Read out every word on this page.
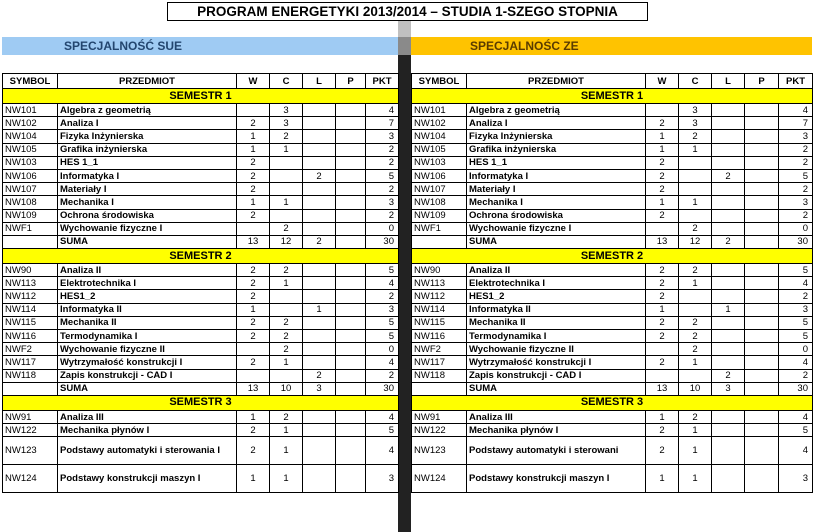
PROGRAM ENERGETYKI 2013/2014 – STUDIA 1-SZEGO STOPNIA
SPECJALNOŚĆ SUE	SPECJALNOŚC ZE
SYMBOL	PRZEDMIOT	W	C	L	P	PKT
SEMESTR 1						
NW101	Algebra z geometrią		3			4
NW102	Analiza I	2	3			7
NW104	Fizyka Inżynierska	1	2			3
NW105	Grafika inżynierska	1	1			2
NW103	HES 1_1	2				2
NW106	Informatyka I	2		2		5
NW107	Materiały I	2				2
NW108	Mechanika I	1	1			3
NW109	Ochrona środowiska	2				2
NWF1	Wychowanie fizyczne I		2			0
	SUMA	13	12	2		30
SEMESTR 2						
NW90	Analiza II	2	2			5
NW113	Elektrotechnika I	2	1			4
NW112	HES1_2	2				2
NW114	Informatyka II	1		1		3
NW115	Mechanika II	2	2			5
NW116	Termodynamika I	2	2			5
NWF2	Wychowanie fizyczne II		2			0
NW117	Wytrzymałość konstrukcji I	2	1			4
NW118	Zapis konstrukcji - CAD I			2		2
	SUMA	13	10	3		30
SEMESTR 3						
NW91	Analiza III	1	2			4
NW122	Mechanika płynów I	2	1			5
NW123	Podstawy automatyki i sterowania I	2	1			4
NW124	Podstawy konstrukcji maszyn I	1	1			3
SYMBOL	PRZEDMIOT	W	C	L	P	PKT
SEMESTR 1						
NW101	Algebra z geometrią		3			4
NW102	Analiza I	2	3			7
NW104	Fizyka Inżynierska	1	2			3
NW105	Grafika inżynierska	1	1			2
NW103	HES 1_1	2				2
NW106	Informatyka I	2		2		5
NW107	Materiały I	2				2
NW108	Mechanika I	1	1			3
NW109	Ochrona środowiska	2				2
NWF1	Wychowanie fizyczne I		2			0
	SUMA	13	12	2		30
SEMESTR 2						
NW90	Analiza II	2	2			5
NW113	Elektrotechnika I	2	1			4
NW112	HES1_2	2				2
NW114	Informatyka II	1		1		3
NW115	Mechanika II	2	2			5
NW116	Termodynamika I	2	2			5
NWF2	Wychowanie fizyczne II		2			0
NW117	Wytrzymałość konstrukcji I	2	1			4
NW118	Zapis konstrukcji - CAD I			2		2
	SUMA	13	10	3		30
SEMESTR 3						
NW91	Analiza III	1	2			4
NW122	Mechanika płynów I	2	1			5
NW123	Podstawy automatyki i sterowani	2	1			4
NW124	Podstawy konstrukcji maszyn I	1	1			3
